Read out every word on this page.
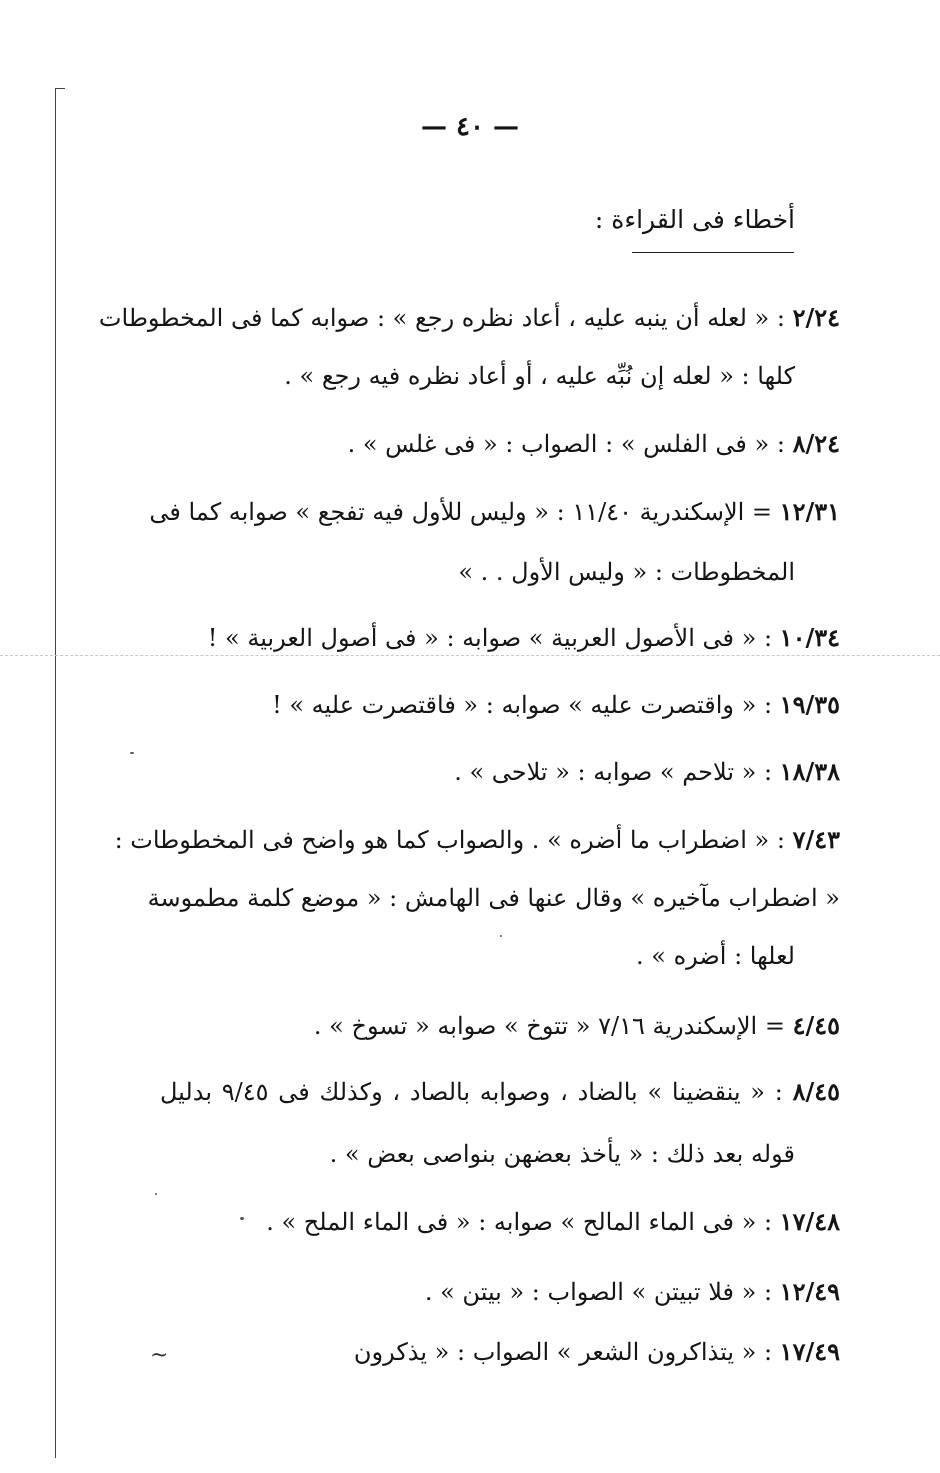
— ٤٠ —
أخطاء فى القراءة :
٢/٢٤ : « لعله أن ينبه عليه ، أعاد نظره رجع » : صوابه كما فى المخطوطات
كلها : « لعله إن نُبِّه عليه ، أو أعاد نظره فيه رجع » .
٨/٢٤ : « فى الفلس » : الصواب : « فى غلس » .
١٢/٣١ = الإسكندرية ١١/٤٠ : « وليس للأول فيه تفجع » صوابه كما فى
المخطوطات : « وليس الأول . . »
١٠/٣٤ : « فى الأصول العربية » صوابه : « فى أصول العربية » !
١٩/٣٥ : « واقتصرت عليه » صوابه : « فاقتصرت عليه » !
١٨/٣٨ : « تلاحم » صوابه : « تلاحى » .
٧/٤٣ : « اضطراب ما أضره » . والصواب كما هو واضح فى المخطوطات :
« اضطراب مآخيره » وقال عنها فى الهامش : « موضع كلمة مطموسة
لعلها : أضره » .
٤/٤٥ = الإسكندرية ٧/١٦ « تتوخ » صوابه « تسوخ » .
٨/٤٥ : « ينقضينا » بالضاد ، وصوابه بالصاد ، وكذلك فى ٩/٤٥ بدليل
قوله بعد ذلك : « يأخذ بعضهن بنواصى بعض » .
١٧/٤٨ : « فى الماء المالح » صوابه : « فى الماء الملح » .
١٢/٤٩ : « فلا تبيتن » الصواب : « بيتن » .
١٧/٤٩ : « يتذاكرون الشعر » الصواب : « يذكرون
~
